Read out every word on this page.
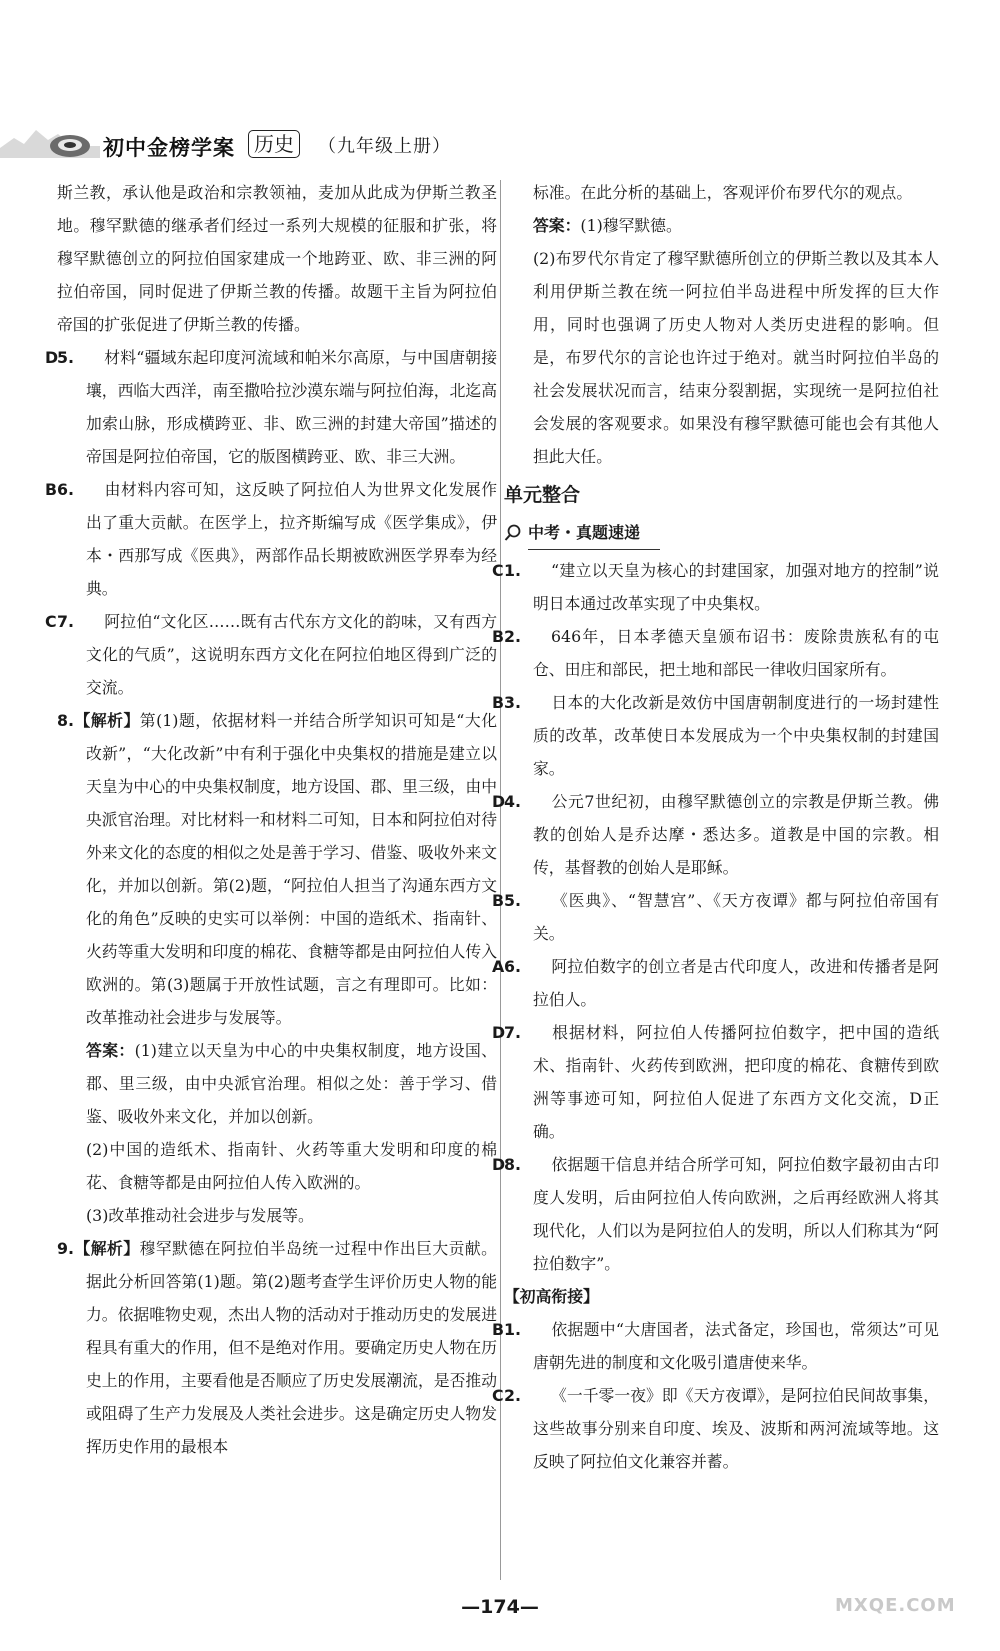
初中金榜学案 历史	（九年级上册）

斯兰教，承认他是政治和宗教领袖，麦加从此成为伊斯兰教圣地。穆罕默德的继承者们经过一系列大规模的征服和扩张，将穆罕默德创立的阿拉伯国家建成一个地跨亚、欧、非三洲的阿拉伯帝国，同时促进了伊斯兰教的传播。故题干主旨为阿拉伯帝国的扩张促进了伊斯兰教的传播。

5.D	材料“疆域东起印度河流域和帕米尔高原，与中国唐朝接壤，西临大西洋，南至撒哈拉沙漠东端与阿拉伯海，北迄高加索山脉，形成横跨亚、非、欧三洲的封建大帝国”描述的帝国是阿拉伯帝国，它的版图横跨亚、欧、非三大洲。

6.B	由材料内容可知，这反映了阿拉伯人为世界文化发展作出了重大贡献。在医学上，拉齐斯编写成《医学集成》，伊本・西那写成《医典》，两部作品长期被欧洲医学界奉为经典。

7.C	阿拉伯“文化区……既有古代东方文化的韵味，又有西方文化的气质”，这说明东西方文化在阿拉伯地区得到广泛的交流。

8.【解析】第(1)题，依据材料一并结合所学知识可知是“大化改新”，“大化改新”中有利于强化中央集权的措施是建立以天皇为中心的中央集权制度，地方设国、郡、里三级，由中央派官治理。对比材料一和材料二可知，日本和阿拉伯对待外来文化的态度的相似之处是善于学习、借鉴、吸收外来文化，并加以创新。第(2)题，“阿拉伯人担当了沟通东西方文化的角色”反映的史实可以举例：中国的造纸术、指南针、火药等重大发明和印度的棉花、食糖等都是由阿拉伯人传入欧洲的。第(3)题属于开放性试题，言之有理即可。比如：改革推动社会进步与发展等。

答案：(1)建立以天皇为中心的中央集权制度，地方设国、郡、里三级，由中央派官治理。相似之处：善于学习、借鉴、吸收外来文化，并加以创新。

(2)中国的造纸术、指南针、火药等重大发明和印度的棉花、食糖等都是由阿拉伯人传入欧洲的。

(3)改革推动社会进步与发展等。

9.【解析】穆罕默德在阿拉伯半岛统一过程中作出巨大贡献。据此分析回答第(1)题。第(2)题考查学生评价历史人物的能力。依据唯物史观，杰出人物的活动对于推动历史的发展进程具有重大的作用，但不是绝对作用。要确定历史人物在历史上的作用，主要看他是否顺应了历史发展潮流，是否推动或阻碍了生产力发展及人类社会进步。这是确定历史人物发挥历史作用的最根本

标准。在此分析的基础上，客观评价布罗代尔的观点。

答案：(1)穆罕默德。

(2)布罗代尔肯定了穆罕默德所创立的伊斯兰教以及其本人利用伊斯兰教在统一阿拉伯半岛进程中所发挥的巨大作用，同时也强调了历史人物对人类历史进程的影响。但是，布罗代尔的言论也许过于绝对。就当时阿拉伯半岛的社会发展状况而言，结束分裂割据，实现统一是阿拉伯社会发展的客观要求。如果没有穆罕默德可能也会有其他人担此大任。

单元整合
中考・真题速递

1.C	“建立以天皇为核心的封建国家，加强对地方的控制”说明日本通过改革实现了中央集权。

2.B	646年，日本孝德天皇颁布诏书：废除贵族私有的屯仓、田庄和部民，把土地和部民一律收归国家所有。

3.B	日本的大化改新是效仿中国唐朝制度进行的一场封建性质的改革，改革使日本发展成为一个中央集权制的封建国家。

4.D	公元7世纪初，由穆罕默德创立的宗教是伊斯兰教。佛教的创始人是乔达摩・悉达多。道教是中国的宗教。相传，基督教的创始人是耶稣。

5.B	《医典》、“智慧宫”、《天方夜谭》都与阿拉伯帝国有关。

6.A	阿拉伯数字的创立者是古代印度人，改进和传播者是阿拉伯人。

7.D	根据材料，阿拉伯人传播阿拉伯数字，把中国的造纸术、指南针、火药传到欧洲，把印度的棉花、食糖传到欧洲等事迹可知，阿拉伯人促进了东西方文化交流，D正确。

8.D	依据题干信息并结合所学可知，阿拉伯数字最初由古印度人发明，后由阿拉伯人传向欧洲，之后再经欧洲人将其现代化，人们以为是阿拉伯人的发明，所以人们称其为“阿拉伯数字”。

【初高衔接】

1.B	依据题中“大唐国者，法式备定，珍国也，常须达”可见唐朝先进的制度和文化吸引遣唐使来华。

2.C	《一千零一夜》即《天方夜谭》，是阿拉伯民间故事集，这些故事分别来自印度、埃及、波斯和两河流域等地。这反映了阿拉伯文化兼容并蓄。

—174—	MXQE.COM
